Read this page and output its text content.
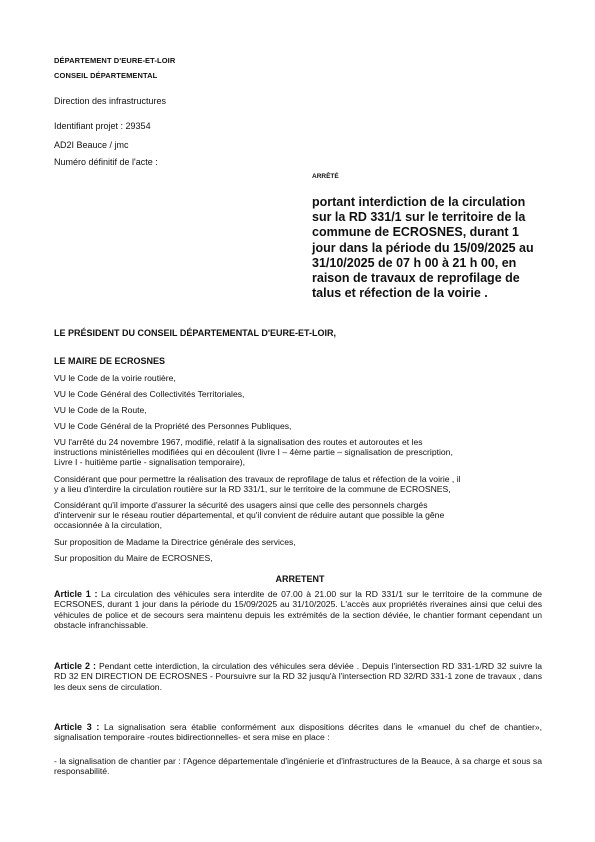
DÉPARTEMENT D'EURE-ET-LOIR
CONSEIL DÉPARTEMENTAL
Direction des infrastructures
Identifiant projet : 29354
AD2I Beauce / jmc
Numéro définitif de l'acte :
ARRÊTÉ
portant interdiction de la circulation
sur la RD 331/1 sur le territoire de la
commune de ECROSNES, durant 1
jour dans la période du 15/09/2025 au
31/10/2025 de 07 h 00 à 21 h 00, en
raison de travaux de reprofilage de
talus et réfection de la voirie .
LE PRÉSIDENT DU CONSEIL DÉPARTEMENTAL D'EURE-ET-LOIR,
LE MAIRE DE ECROSNES
VU le Code de la voirie routière,
VU le Code Général des Collectivités Territoriales,
VU le Code de la Route,
VU le Code Général de la Propriété des Personnes Publiques,
VU l'arrêté du 24 novembre 1967, modifié, relatif à la signalisation des routes et autoroutes et les
instructions ministérielles modifiées qui en découlent (livre I – 4ème partie – signalisation de prescription,
Livre I - huitième partie - signalisation temporaire),
Considérant que pour permettre la réalisation des travaux de reprofilage de talus et réfection de la voirie , il
y a lieu d'interdire la circulation routière sur la RD 331/1, sur le territoire de la commune de ECROSNES,
Considérant qu'il importe d'assurer la sécurité des usagers ainsi que celle des personnels chargés
d'intervenir sur le réseau routier départemental, et qu'il convient de réduire autant que possible la gêne
occasionnée à la circulation,
Sur proposition de Madame la Directrice générale des services,
Sur proposition du Maire de ECROSNES,
ARRETENT
Article 1 : La circulation des véhicules sera interdite de 07.00 à 21.00 sur la RD 331/1 sur le territoire de la commune de ECRSONES, durant 1 jour dans la période du 15/09/2025 au 31/10/2025. L'accès aux propriétés riveraines ainsi que celui des véhicules de police et de secours sera maintenu depuis les extrémités de la section déviée, le chantier formant cependant un obstacle infranchissable.
Article 2 : Pendant cette interdiction, la circulation des véhicules sera déviée . Depuis l'intersection RD 331-1/RD 32 suivre la RD 32 EN DIRECTION DE ECROSNES - Poursuivre sur la RD 32 jusqu'à l'intersection RD 32/RD 331-1 zone de travaux , dans les deux sens de circulation.
Article 3 : La signalisation sera établie conformément aux dispositions décrites dans le «manuel du chef de chantier», signalisation temporaire -routes bidirectionnelles- et sera mise en place :
- la signalisation de chantier par : l'Agence départementale d'ingénierie et d'infrastructures de la Beauce, à sa charge et sous sa responsabilité.
